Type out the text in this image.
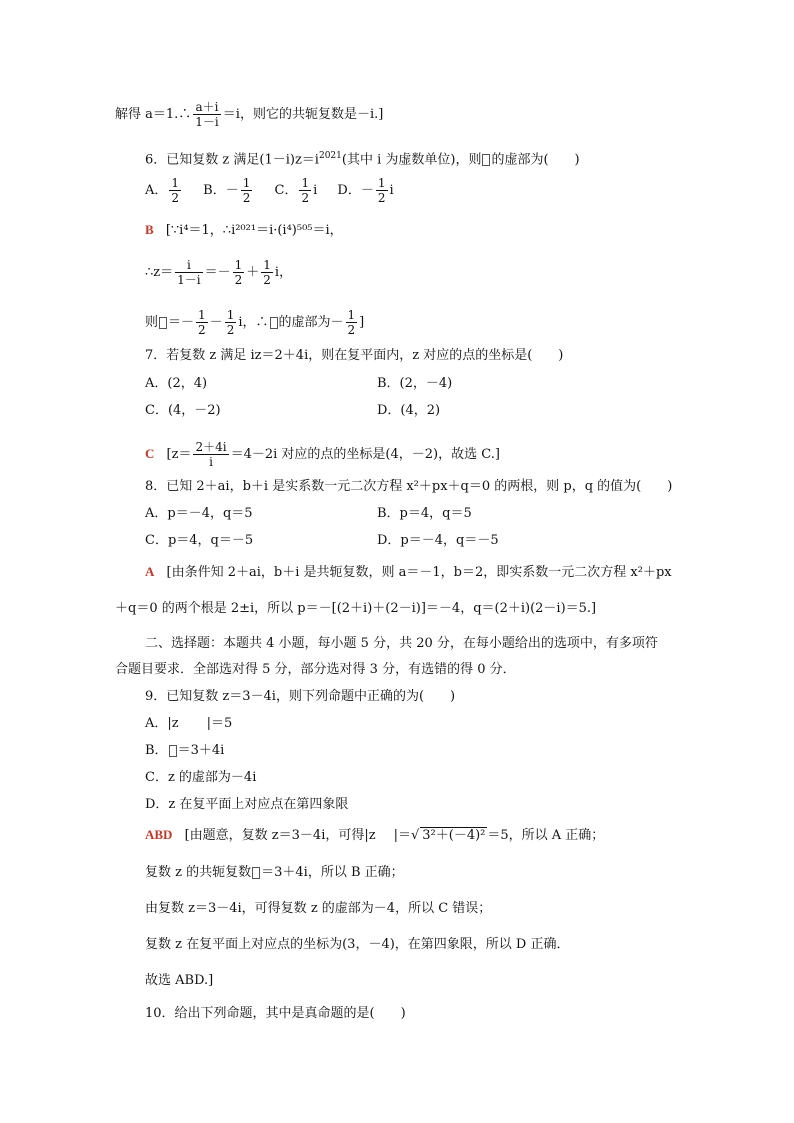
解得 a＝1.∴ $\frac{a+i}{1-i} =i$，则它的共轭复数是－i.]
6．已知复数 z 满足$(1-i)z=i^{2021}$(其中 i 为虚数单位)，则 的虚部为(　　)
A． $\frac{1}{2}$ B．－ $\frac{1}{2}$ C． $\frac{1}{2}$ i D．－ $\frac{1}{2}$ i
B [∵i⁴＝1，∴i²⁰²¹＝i·(i⁴)⁵⁰⁵＝i，
∴z＝ $\frac{i}{1-i} =- \frac{1}{2} + \frac{1}{2}$ i，
则 ＝－ $\frac{1}{2} - \frac{1}{2}$ i，∴ 的虚部为－ $\frac{1}{2}$ ]
7．若复数 z 满足 iz＝2＋4i，则在复平面内，z 对应的点的坐标是(　　)
A．(2，4)	B．(2，－4)
C．(4，－2)	D．(4，2)
C [$z= \frac{2+4i}{i} =4-2i$ 对应的点的坐标是(4，－2)，故选 C.]
8．已知 2＋ai，b＋i 是实系数一元二次方程 x²＋px＋q＝0 的两根，则 p，q 的值为(　　)
A．p＝－4，q＝5	B．p＝4，q＝5
C．p＝4，q＝－5	D．p＝－4，q＝－5
A [由条件知 2＋ai，b＋i 是共轭复数，则 a＝－1，b＝2，即实系数一元二次方程 x²＋px
＋q＝0 的两个根是 2±i，所以 p＝－[(2＋i)＋(2－i)]＝－4，q＝(2＋i)(2－i)＝5.]
二、选择题：本题共 4 小题，每小题 5 分，共 20 分，在每小题给出的选项中，有多项符
合题目要求．全部选对得 5 分，部分选对得 3 分，有选错的得 0 分．
9．已知复数 z＝3－4i，则下列命题中正确的为(　　)
A．|z |＝5
B． ＝3＋4i
C．z 的虚部为－4i
D．z 在复平面上对应点在第四象限
ABD [由题意，复数 z＝3－4i，可得|z |＝√ 3²＋(－4)² ＝5，所以 A 正确；
复数 z 的共轭复数 ＝3＋4i，所以 B 正确；
由复数 z＝3－4i，可得复数 z 的虚部为－4，所以 C 错误；
复数 z 在复平面上对应点的坐标为(3，－4)，在第四象限，所以 D 正确．
故选 ABD.]
10．给出下列命题，其中是真命题的是(　　)
